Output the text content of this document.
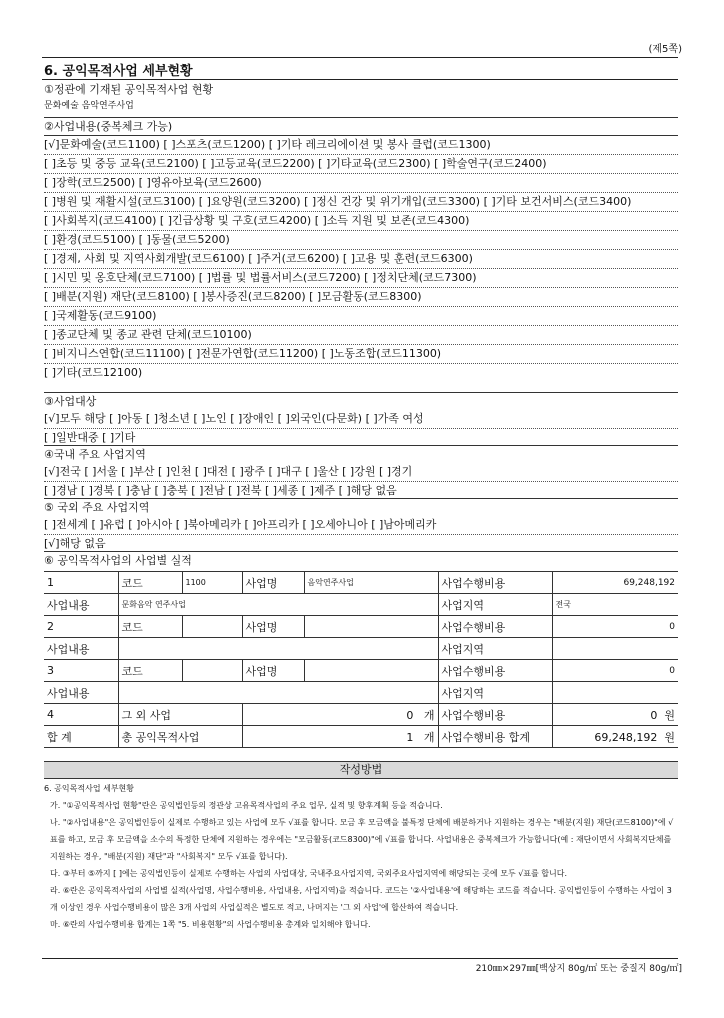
(제5쪽)
6. 공익목적사업 세부현황
①정관에 기재된 공익목적사업 현황
문화예술 음악연주사업
②사업내용(중복체크 가능)
[√]문화예술(코드1100) [ ]스포츠(코드1200) [ ]기타 레크리에이션 및 봉사 클럽(코드1300)
[ ]초등 및 중등 교육(코드2100) [ ]고등교육(코드2200) [ ]기타교육(코드2300) [ ]학술연구(코드2400)
[ ]장학(코드2500) [ ]영유아보육(코드2600)
[ ]병원 및 재활시설(코드3100) [ ]요양원(코드3200) [ ]정신 건강 및 위기개입(코드3300) [ ]기타 보건서비스(코드3400)
[ ]사회복지(코드4100) [ ]긴급상황 및 구호(코드4200) [ ]소득 지원 및 보존(코드4300)
[ ]환경(코드5100) [ ]동물(코드5200)
[ ]경제, 사회 및 지역사회개발(코드6100) [ ]주거(코드6200) [ ]고용 및 훈련(코드6300)
[ ]시민 및 옹호단체(코드7100) [ ]법률 및 법률서비스(코드7200) [ ]정치단체(코드7300)
[ ]배분(지원) 재단(코드8100) [ ]봉사증진(코드8200) [ ]모금활동(코드8300)
[ ]국제활동(코드9100)
[ ]종교단체 및 종교 관련 단체(코드10100)
[ ]비지니스연합(코드11100) [ ]전문가연합(코드11200) [ ]노동조합(코드11300)
[ ]기타(코드12100)
③사업대상
[√]모두 해당 [ ]아동 [ ]청소년 [ ]노인 [ ]장애인 [ ]외국인(다문화) [ ]가족 여성
[ ]일반대중 [ ]기타
④국내 주요 사업지역
[√]전국 [ ]서울 [ ]부산 [ ]인천 [ ]대전 [ ]광주 [ ]대구 [ ]울산 [ ]강원 [ ]경기
[ ]경남 [ ]경북 [ ]충남 [ ]충북 [ ]전남 [ ]전북 [ ]세종 [ ]제주 [ ]해당 없음
⑤ 국외 주요 사업지역
[ ]전세계 [ ]유럽 [ ]아시아 [ ]북아메리카 [ ]아프리카 [ ]오세아니아 [ ]남아메리카
[√]해당 없음
⑥ 공익목적사업의 사업별 실적
1	코드	1100	사업명	음악연주사업	사업수행비용	69,248,192
사업내용	문화음악 연주사업				사업지역	전국
2	코드		사업명		사업수행비용	0
사업내용					사업지역	
3	코드		사업명		사업수행비용	0
사업내용					사업지역	
4	그 외 사업		0 개		사업수행비용	0 원
합 계	총 공익목적사업		1 개		사업수행비용 합계	69,248,192 원
작성방법

6. 공익목적사업 세부현황

가. "①공익목적사업 현황"란은 공익법인등의 정관상 고유목적사업의 주요 업무, 실적 및 향후계획 등을 적습니다.

나. "②사업내용"은 공익법인등이 실제로 수행하고 있는 사업에 모두 √표를 합니다. 모금 후 모금액을 불특정 단체에 배분하거나 지원하는 경우는 "배분(지원) 재단(코드8100)"에 √표를 하고, 모금 후 모금액을 소수의 특정한 단체에 지원하는 경우에는 "모금활동(코드8300)"에 √표를 합니다. 사업내용은 중복체크가 가능합니다(예 : 재단이면서 사회복지단체를 지원하는 경우, "배분(지원) 재단"과 "사회복지" 모두 √표를 합니다).

다. ③부터 ⑤까지 [ ]에는 공익법인등이 실제로 수행하는 사업의 사업대상, 국내주요사업지역, 국외주요사업지역에 해당되는 곳에 모두 √표를 합니다.

라. ⑥란은 공익목적사업의 사업별 실적(사업명, 사업수행비용, 사업내용, 사업지역)을 적습니다. 코드는 '②사업내용'에 해당하는 코드를 적습니다. 공익법인등이 수행하는 사업이 3개 이상인 경우 사업수행비용이 많은 3개 사업의 사업실적은 별도로 적고, 나머지는 '그 외 사업'에 합산하여 적습니다.

마. ⑥란의 사업수행비용 합계는 1쪽 "5. 비용현황"의 사업수행비용 총계와 일치해야 합니다.

210㎜×297㎜[백상지 80g/㎡ 또는 중질지 80g/㎡]
